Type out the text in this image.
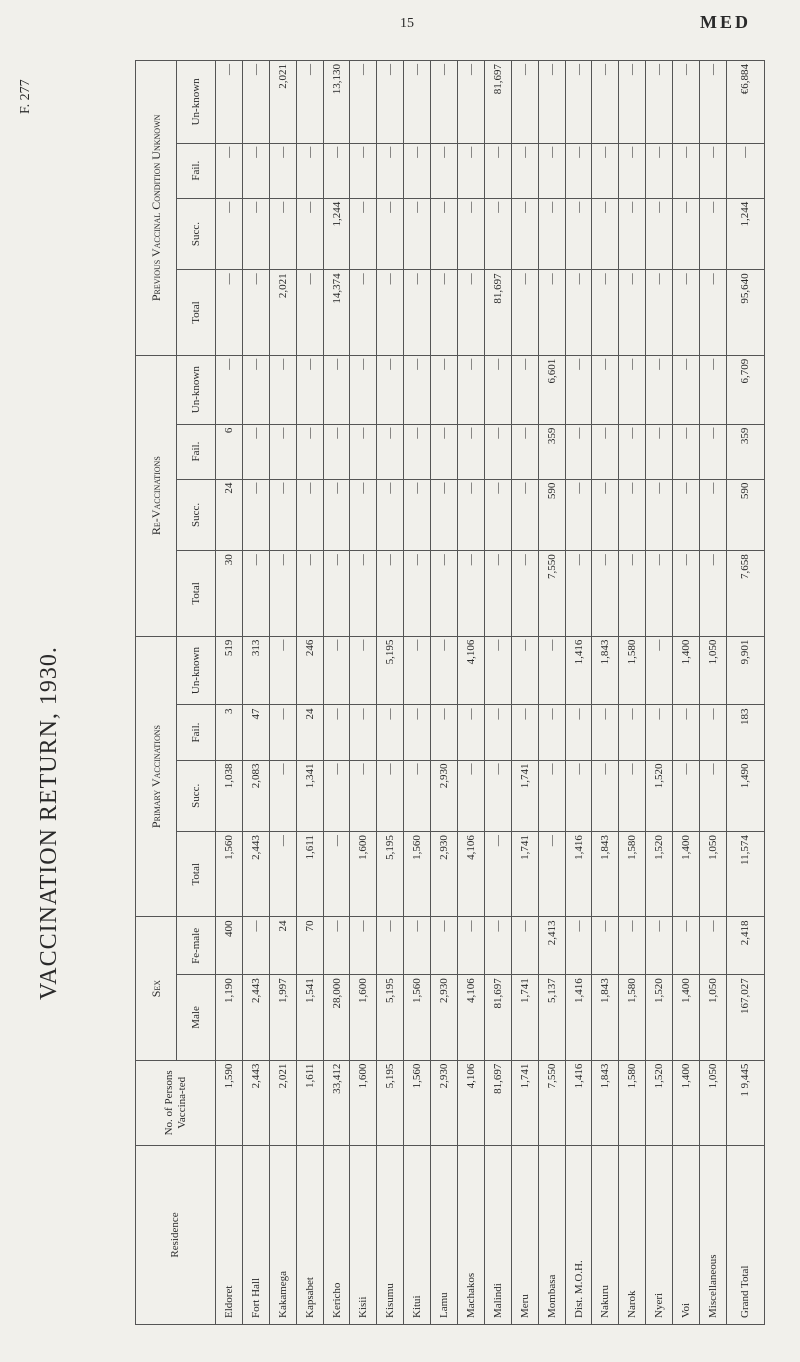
15	MED
F. 277
VACCINATION RETURN, 1930.
Residence	No. of Persons Vaccina-ted	Sex		Primary Vaccinations				Re-Vaccinations				Previous Vaccinal Condition Unknown			
		Male	Fe-male	Total	Succ.	Fail.	Un-known	Total	Succ.	Fail.	Un-known	Total	Succ.	Fail.	Un-known
Eldoret	1,590	1,190	400	1,560	1,038	3	519	30	24	6	—	—	—	—	—
Fort Hall	2,443	2,443	—	2,443	2,083	47	313	—	—	—	—	—	—	—	—
Kakamega	2,021	1,997	24	—	—	—	—	—	—	—	—	2,021	—	—	2,021
Kapsabet	1,611	1,541	70	1,611	1,341	24	246	—	—	—	—	—	—	—	—
Kericho	33,412	28,000	—	—	—	—	—	—	—	—	—	14,374	1,244	—	13,130
Kisii	1,600	1,600	—	1,600	—	—	—	—	—	—	—	—	—	—	—
Kisumu	5,195	5,195	—	5,195	—	—	5,195	—	—	—	—	—	—	—	—
Kitui	1,560	1,560	—	1,560	—	—	—	—	—	—	—	—	—	—	—
Lamu	2,930	2,930	—	2,930	2,930	—	—	—	—	—	—	—	—	—	—
Machakos	4,106	4,106	—	4,106	—	—	4,106	—	—	—	—	—	—	—	—
Malindi	81,697	81,697	—	—	—	—	—	—	—	—	—	81,697	—	—	81,697
Meru	1,741	1,741	—	1,741	1,741	—	—	—	—	—	—	—	—	—	—
Mombasa	7,550	5,137	2,413	—	—	—	—	7,550	590	359	6,601	—	—	—	—
Dist. M.O.H.	1,416	1,416	—	1,416	—	—	1,416	—	—	—	—	—	—	—	—
Nakuru	1,843	1,843	—	1,843	—	—	1,843	—	—	—	—	—	—	—	—
Narok	1,580	1,580	—	1,580	—	—	1,580	—	—	—	—	—	—	—	—
Nyeri	1,520	1,520	—	1,520	1,520	—	—	—	—	—	—	—	—	—	—
Voi	1,400	1,400	—	1,400	—	—	1,400	—	—	—	—	—	—	—	—
Miscellaneous	1,050	1,050	—	1,050	—	—	1,050	—	—	—	—	—	—	—	—
Grand Total	1 9,445	167,027	2,418	11,574	1,490	183	9,901	7,658	590	359	6,709	95,640	1,244	—	€6,884
